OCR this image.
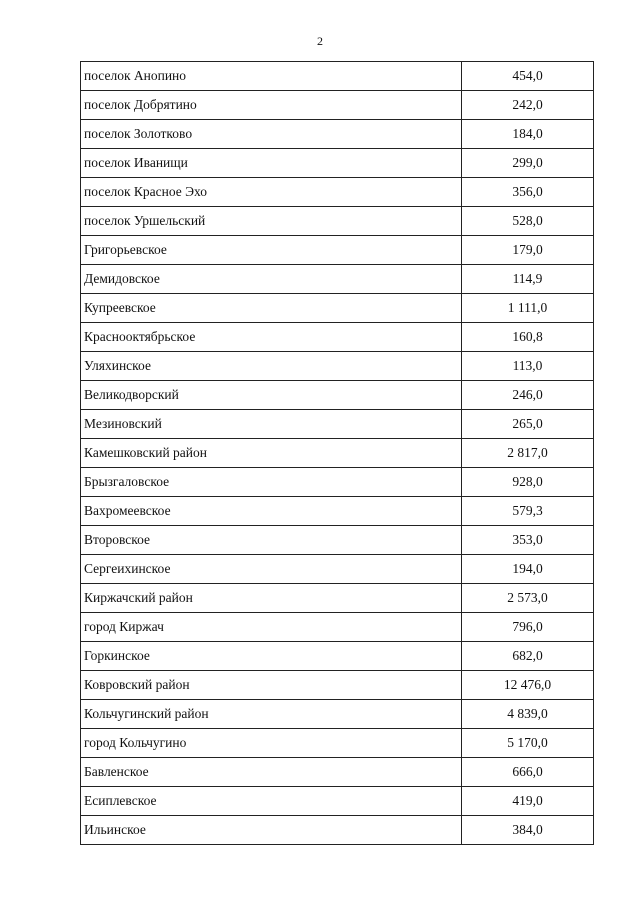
2
поселок Анопино	454,0
поселок Добрятино	242,0
поселок Золотково	184,0
поселок Иванищи	299,0
поселок Красное Эхо	356,0
поселок Уршельский	528,0
Григорьевское	179,0
Демидовское	114,9
Купреевское	1 111,0
Краснооктябрьское	160,8
Уляхинское	113,0
Великодворский	246,0
Мезиновский	265,0
Камешковский район	2 817,0
Брызгаловское	928,0
Вахромеевское	579,3
Второвское	353,0
Сергеихинское	194,0
Киржачский район	2 573,0
город Киржач	796,0
Горкинское	682,0
Ковровский район	12 476,0
Кольчугинский район	4 839,0
город Кольчугино	5 170,0
Бавленское	666,0
Есиплевское	419,0
Ильинское	384,0
